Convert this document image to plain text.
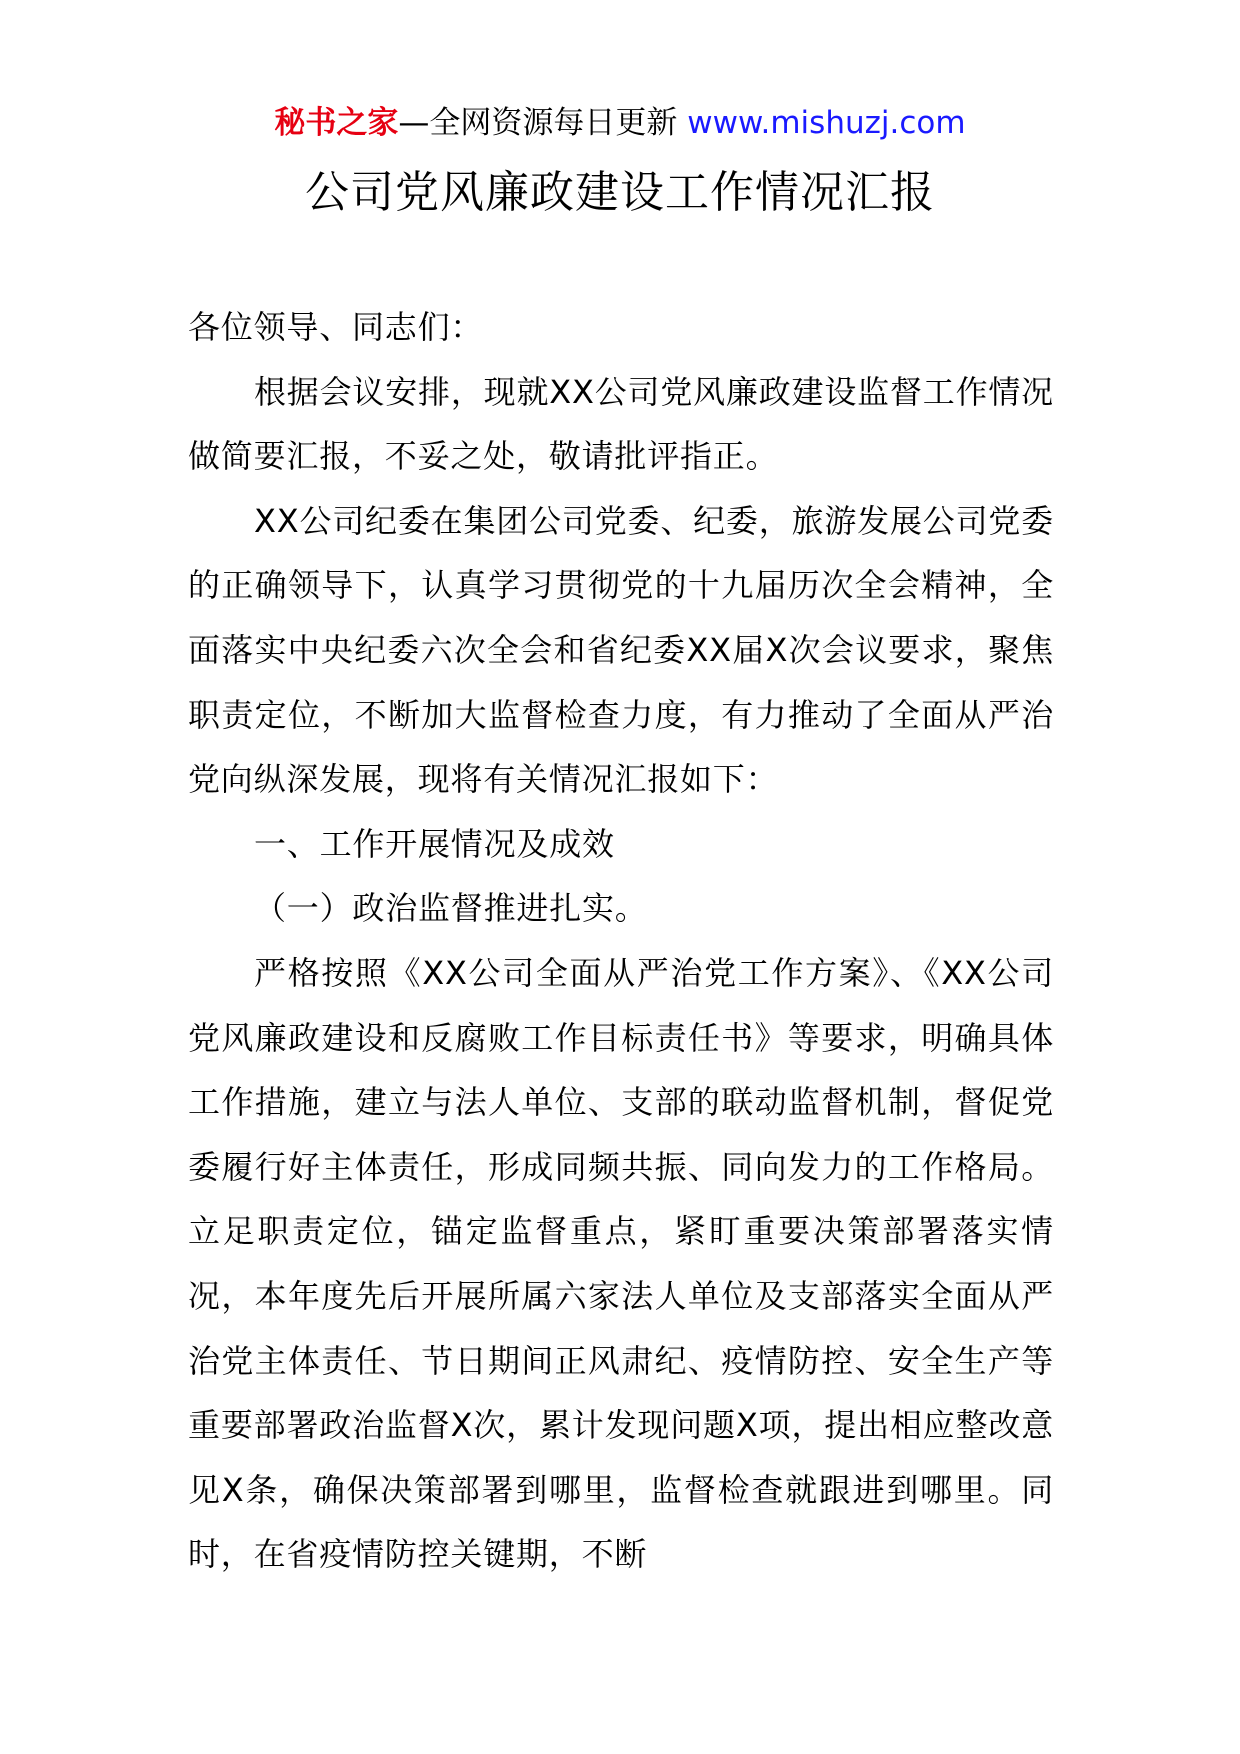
秘书之家—全网资源每日更新 www.mishuzj.com
公司党风廉政建设工作情况汇报

各位领导、同志们：

根据会议安排，现就XX公司党风廉政建设监督工作情况做简要汇报，不妥之处，敬请批评指正。

XX公司纪委在集团公司党委、纪委，旅游发展公司党委的正确领导下，认真学习贯彻党的十九届历次全会精神，全面落实中央纪委六次全会和省纪委XX届X次会议要求，聚焦职责定位，不断加大监督检查力度，有力推动了全面从严治党向纵深发展，现将有关情况汇报如下：

一、工作开展情况及成效

（一）政治监督推进扎实。

严格按照《XX公司全面从严治党工作方案》、《XX公司党风廉政建设和反腐败工作目标责任书》等要求，明确具体工作措施，建立与法人单位、支部的联动监督机制，督促党委履行好主体责任，形成同频共振、同向发力的工作格局。立足职责定位，锚定监督重点，紧盯重要决策部署落实情况，本年度先后开展所属六家法人单位及支部落实全面从严治党主体责任、节日期间正风肃纪、疫情防控、安全生产等重要部署政治监督X次，累计发现问题X项，提出相应整改意见X条，确保决策部署到哪里，监督检查就跟进到哪里。同时，在省疫情防控关键期，不断
